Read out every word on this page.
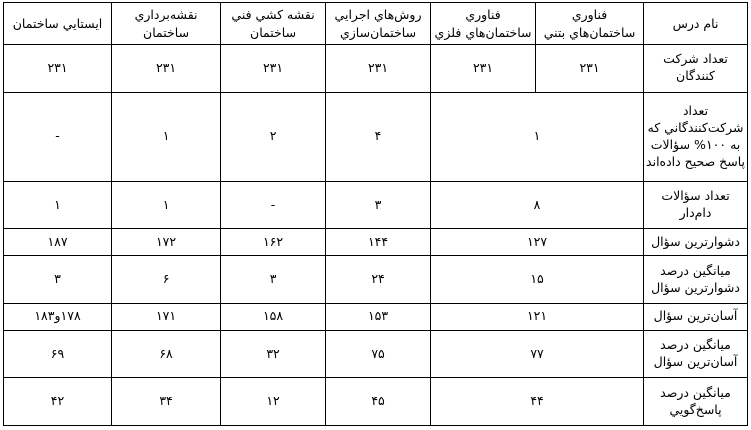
نام درس	فناوري ساختمان‌هاي بتني	فناوري ساختمان‌هاي فلزي	روش‌هاي اجرايي ساختمان‌سازي	نقشه كشي فني ساختمان	نقشه‌برداري ساختمان	ايستايي ساختمان
تعداد شركت كنندگان	۲۳۱	۲۳۱	۲۳۱	۲۳۱	۲۳۱	۲۳۱
تعداد شركت‌كنندگاني كه به ۱۰۰% سؤالات پاسخ صحیح داده‌اند	۱		۴	۲	۱	-
تعداد سؤالات دام‌دار	۸		۳	-	۱	۱
دشوارترين سؤال	۱۲۷		۱۴۴	۱۶۲	۱۷۲	۱۸۷
میانگین درصد دشوارترين سؤال	۱۵		۲۴	۳	۶	۳
آسان‌ترين سؤال	۱۲۱		۱۵۳	۱۵۸	۱۷۱	۱۷۸و۱۸۳
میانگین درصد آسان‌ترين سؤال	۷۷		۷۵	۳۲	۶۸	۶۹
میانگین درصد پاسخ‌گويي	۴۴		۴۵	۱۲	۳۴	۴۲
